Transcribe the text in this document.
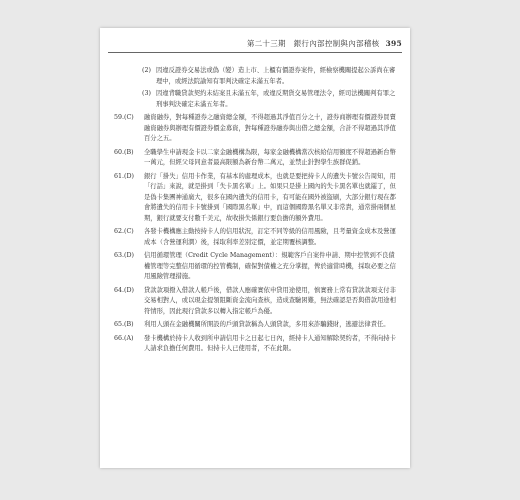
第二十三期　銀行內部控制與內部稽核 395
(2) 因違反證券交易法或偽（變）造上市、上櫃有價證券案件，經檢察機關提起公訴尚在審理中，或經法院諭知有罪判決確定未滿五年者。
(3) 因違背職貸款契約未結案且未滿五年，或違反期貨交易管理法令，經司法機關判有罪之刑事判決確定未滿五年者。
59.(C)	融資融券，對每種證券之融資總金額，不得超過其淨值百分之十，證券商辦理有價證券買賣融資融券與辦理有價證券價金募資，對每種證券融券與出借之總金額，合計不得超過其淨值百分之五。
60.(B)	全職學生申請現金卡以二家金融機構為限，每家金融機構當次核給信用額度不得超過新台幣一萬元，但經父母同意者最高限額為新台幣二萬元，並禁止針對學生族群促銷。
61.(D)	銀行「掛失」信用卡作業，有基本的處理成本，也就是要把持卡人的遺失卡號公告周知，用「行話」來說，就是掛到「失卡黑名單」上。如果只是掛上國內的失卡黑名單也就罷了，但是偽卡集團神通廣大，很多在國內遺失的信用卡，有可能在國外被盜刷，大部分銀行現在都會將遺失的信用卡卡號掛到「國際黑名單」中，而這個國際黑名單又非常貴，通常掛兩個星期，銀行就要支付數千美元，故收掛失係銀行要負擔的額外費用。
62.(C)	各發卡機構應主動按持卡人的信用狀況，訂定不同等級的信用風險，且考量資金成本及營運成本（含營運利潤）後，採取利率差別定價，並定期覆核調整。
63.(D)	信用循環管理（Credit Cycle Management）：規範客戶自案件申請、期中控管到不良債權管理等完整信用循環的控管機制，確保對債權之充分掌握，俾於適當時機，採取必要之信用風險管理措施。
64.(D)	貸款款項撥入借款人帳戶後，借款人應確實依申貸用途使用，慎實務上常有貸款款項支付非交易相對人，或以現金提領阻斷資金流向查核，造成查驗困難，無法確認是否與借款用途相符情形，因此現行貸款多以轉入指定帳戶為優。
65.(B)	利用人頭在金融機關所開設的戶頭貸款稱為人頭貸款，多用來詐騙錢財，逃避法律責任。
66.(A)	發卡機構於持卡人收到所申請信用卡之日起七日內，經持卡人通知解除契約者，不得向持卡人請求負擔任何費用。但持卡人已使用者，不在此限。
